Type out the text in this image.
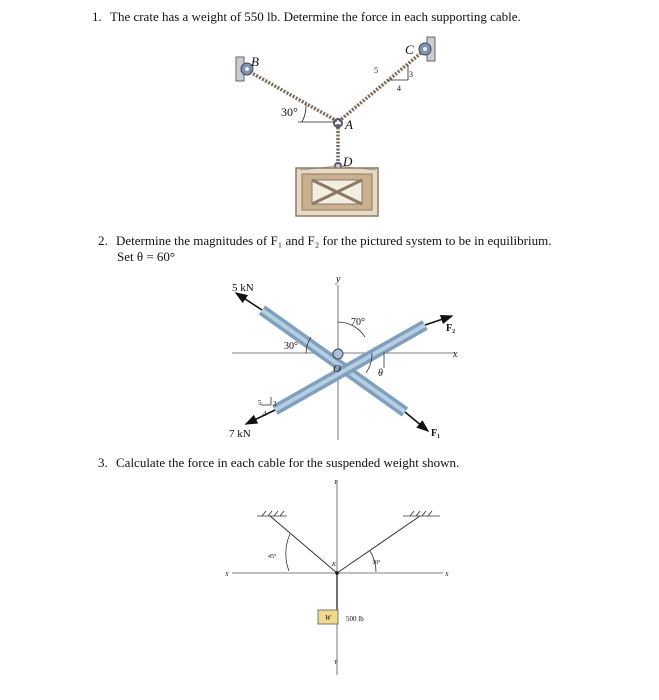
1. The crate has a weight of 550 lb. Determine the force in each supporting cable.
2. Determine the magnitudes of F₁ and F₂ for the pictured system to be in equilibrium.
Set θ = 60°
3. Calculate the force in each cable for the suspended weight shown.
B
C
A
D
30°
5	3
4
5 kN
7 kN
F₂
F₁
70°
30°
θ
O
x
y
5 3
4
W 500 lb
Y
Y
X	X
45°
30°
K
